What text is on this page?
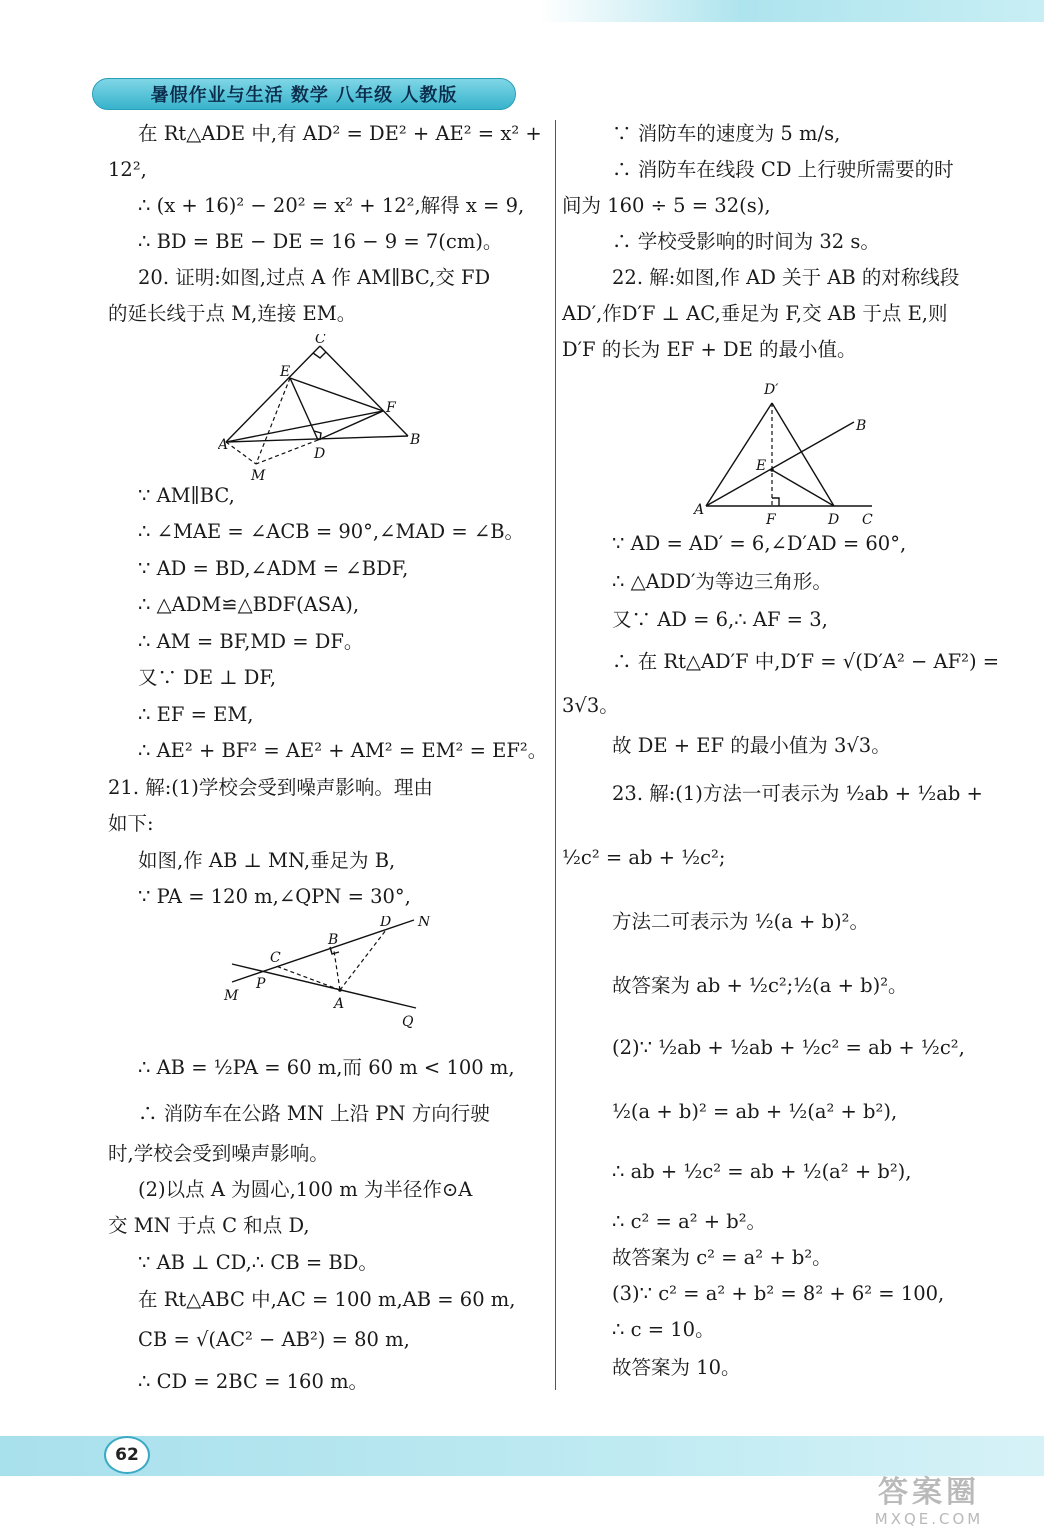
暑假作业与生活 数学 八年级 人教版
在 Rt△ADE 中,有 AD² = DE² + AE² = x² +
12²,
∴ (x + 16)² − 20² = x² + 12²,解得 x = 9,
∴ BD = BE − DE = 16 − 9 = 7(cm)。
20. 证明:如图,过点 A 作 AM∥BC,交 FD
的延长线于点 M,连接 EM。
C
E
F
A
D
B
M
∵ AM∥BC,
∴ ∠MAE = ∠ACB = 90°,∠MAD = ∠B。
∵ AD = BD,∠ADM = ∠BDF,
∴ △ADM≌△BDF(ASA),
∴ AM = BF,MD = DF。
又∵ DE ⊥ DF,
∴ EF = EM,
∴ AE² + BF² = AE² + AM² = EM² = EF²。
21. 解:(1)学校会受到噪声影响。理由
如下:
如图,作 AB ⊥ MN,垂足为 B,
∵ PA = 120 m,∠QPN = 30°,
D N
B
C
P
A
M
Q
∴ AB = ½PA = 60 m,而 60 m < 100 m,
∴ 消防车在公路 MN 上沿 PN 方向行驶
时,学校会受到噪声影响。
(2)以点 A 为圆心,100 m 为半径作⊙A
交 MN 于点 C 和点 D,
∵ AB ⊥ CD,∴ CB = BD。
在 Rt△ABC 中,AC = 100 m,AB = 60 m,
CB = √(AC² − AB²) = 80 m,
∴ CD = 2BC = 160 m。
∵ 消防车的速度为 5 m/s,
∴ 消防车在线段 CD 上行驶所需要的时
间为 160 ÷ 5 = 32(s),
∴ 学校受影响的时间为 32 s。
22. 解:如图,作 AD 关于 AB 的对称线段
AD′,作D′F ⊥ AC,垂足为 F,交 AB 于点 E,则
D′F 的长为 EF + DE 的最小值。
D′
B
E
A
F	D C
∵ AD = AD′ = 6,∠D′AD = 60°,
∴ △ADD′为等边三角形。
又∵ AD = 6,∴ AF = 3,
∴ 在 Rt△AD′F 中,D′F = √(D′A² − AF²) =
3√3。
故 DE + EF 的最小值为 3√3。
23. 解:(1)方法一可表示为 ½ab + ½ab +
½c² = ab + ½c²;
方法二可表示为 ½(a + b)²。
故答案为 ab + ½c²;½(a + b)²。
(2)∵ ½ab + ½ab + ½c² = ab + ½c²,
½(a + b)² = ab + ½(a² + b²),
∴ ab + ½c² = ab + ½(a² + b²),
∴ c² = a² + b²。
故答案为 c² = a² + b²。
(3)∵ c² = a² + b² = 8² + 6² = 100,
∴ c = 10。
故答案为 10。
62
答案圈
MXQE.COM
